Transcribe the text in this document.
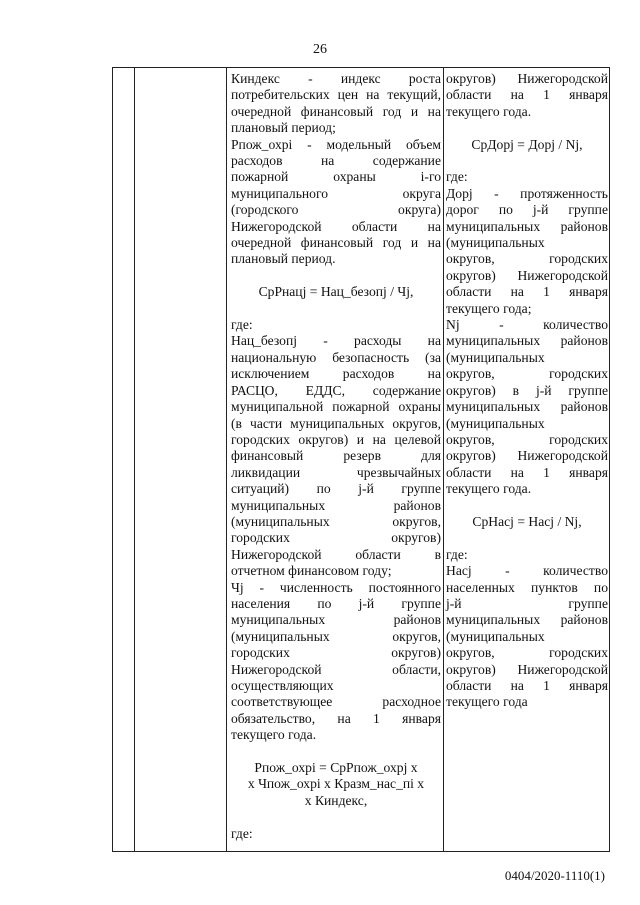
26
Киндекс - индекс роста
потребительских цен на текущий,
очередной финансовый год и на
плановый период;
Рпож_охрi - модельный объем
расходов на содержание
пожарной охраны i-го
муниципального округа
(городского округа)
Нижегородской области на
очередной финансовый год и на
плановый период.
СрРнацj = Нац_безопj / Чj,
где:
Нац_безопj - расходы на
национальную безопасность (за
исключением расходов на
РАСЦО, ЕДДС, содержание
муниципальной пожарной охраны
(в части муниципальных округов,
городских округов) и на целевой
финансовый резерв для
ликвидации чрезвычайных
ситуаций) по j-й группе
муниципальных районов
(муниципальных округов,
городских округов)
Нижегородской области в
отчетном финансовом году;
Чj - численность постоянного
населения по j-й группе
муниципальных районов
(муниципальных округов,
городских округов)
Нижегородской области,
осуществляющих
соответствующее расходное
обязательство, на 1 января
текущего года.
Рпож_охрi = СрРпож_охрj x
x Чпож_охрi x Кразм_нас_пi x
x Киндекс,
где:
округов) Нижегородской
области на 1 января
текущего года.
СрДорj = Дорj / Nj,
где:
Дорj - протяженность
дорог по j-й группе
муниципальных районов
(муниципальных
округов, городских
округов) Нижегородской
области на 1 января
текущего года;
Nj - количество
муниципальных районов
(муниципальных
округов, городских
округов) в j-й группе
муниципальных районов
(муниципальных
округов, городских
округов) Нижегородской
области на 1 января
текущего года.
СрНасj = Насj / Nj,
где:
Насj - количество
населенных пунктов по
j-й группе
муниципальных районов
(муниципальных
округов, городских
округов) Нижегородской
области на 1 января
текущего года
0404/2020-1110(1)
